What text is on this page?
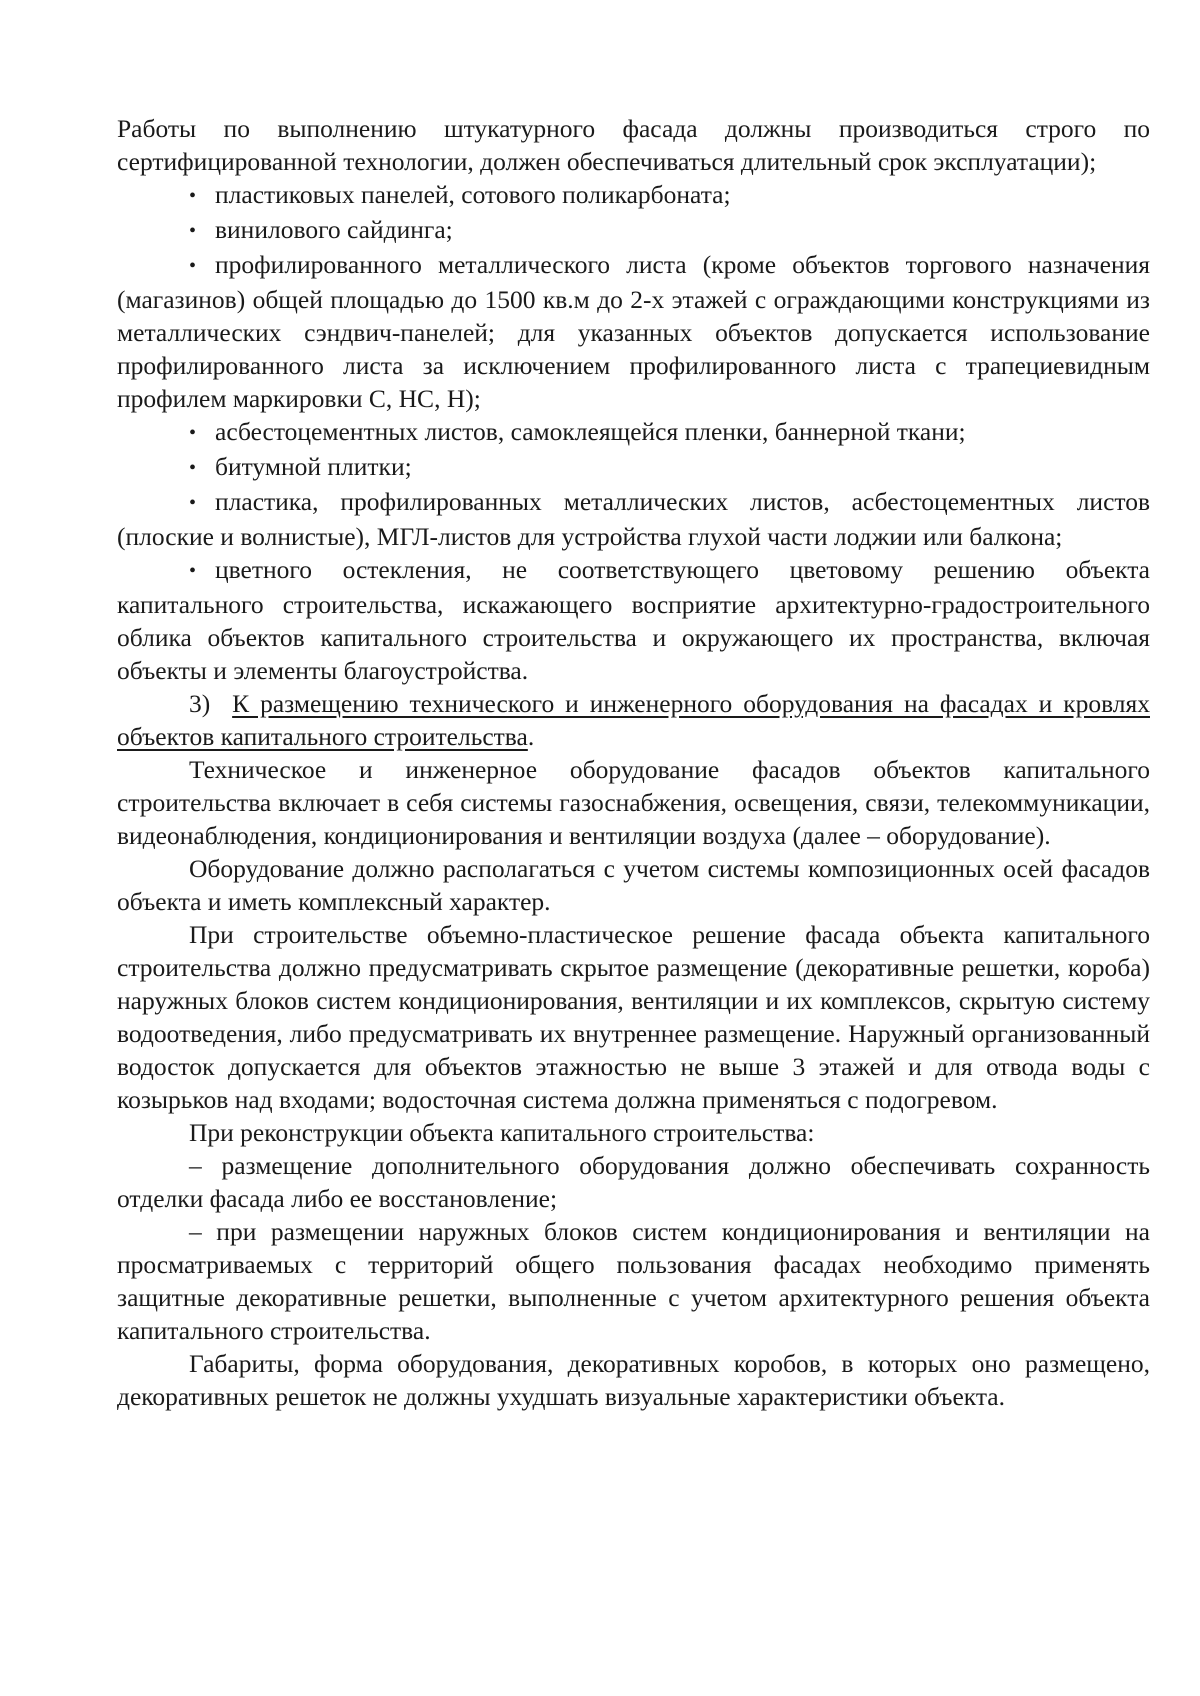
Работы по выполнению штукатурного фасада должны производиться строго по сертифицированной технологии, должен обеспечиваться длительный срок эксплуатации);

• пластиковых панелей, сотового поликарбоната;

• винилового сайдинга;

• профилированного металлического листа (кроме объектов торгового назначения (магазинов) общей площадью до 1500 кв.м до 2-х этажей с ограждающими конструкциями из металлических сэндвич-панелей; для указанных объектов допускается использование профилированного листа за исключением профилированного листа с трапециевидным профилем маркировки С, НС, Н);

• асбестоцементных листов, самоклеящейся пленки, баннерной ткани;

• битумной плитки;

• пластика, профилированных металлических листов, асбестоцементных листов (плоские и волнистые), МГЛ-листов для устройства глухой части лоджии или балкона;

• цветного остекления, не соответствующего цветовому решению объекта капитального строительства, искажающего восприятие архитектурно-градостроительного облика объектов капитального строительства и окружающего их пространства, включая объекты и элементы благоустройства.

3) К размещению технического и инженерного оборудования на фасадах и кровлях объектов капитального строительства.

Техническое и инженерное оборудование фасадов объектов капитального строительства включает в себя системы газоснабжения, освещения, связи, телекоммуникации, видеонаблюдения, кондиционирования и вентиляции воздуха (далее – оборудование).

Оборудование должно располагаться с учетом системы композиционных осей фасадов объекта и иметь комплексный характер.

При строительстве объемно-пластическое решение фасада объекта капитального строительства должно предусматривать скрытое размещение (декоративные решетки, короба) наружных блоков систем кондиционирования, вентиляции и их комплексов, скрытую систему водоотведения, либо предусматривать их внутреннее размещение. Наружный организованный водосток допускается для объектов этажностью не выше 3 этажей и для отвода воды с козырьков над входами; водосточная система должна применяться с подогревом.

При реконструкции объекта капитального строительства:

– размещение дополнительного оборудования должно обеспечивать сохранность отделки фасада либо ее восстановление;

– при размещении наружных блоков систем кондиционирования и вентиляции на просматриваемых с территорий общего пользования фасадах необходимо применять защитные декоративные решетки, выполненные с учетом архитектурного решения объекта капитального строительства.

Габариты, форма оборудования, декоративных коробов, в которых оно размещено, декоративных решеток не должны ухудшать визуальные характеристики объекта.
